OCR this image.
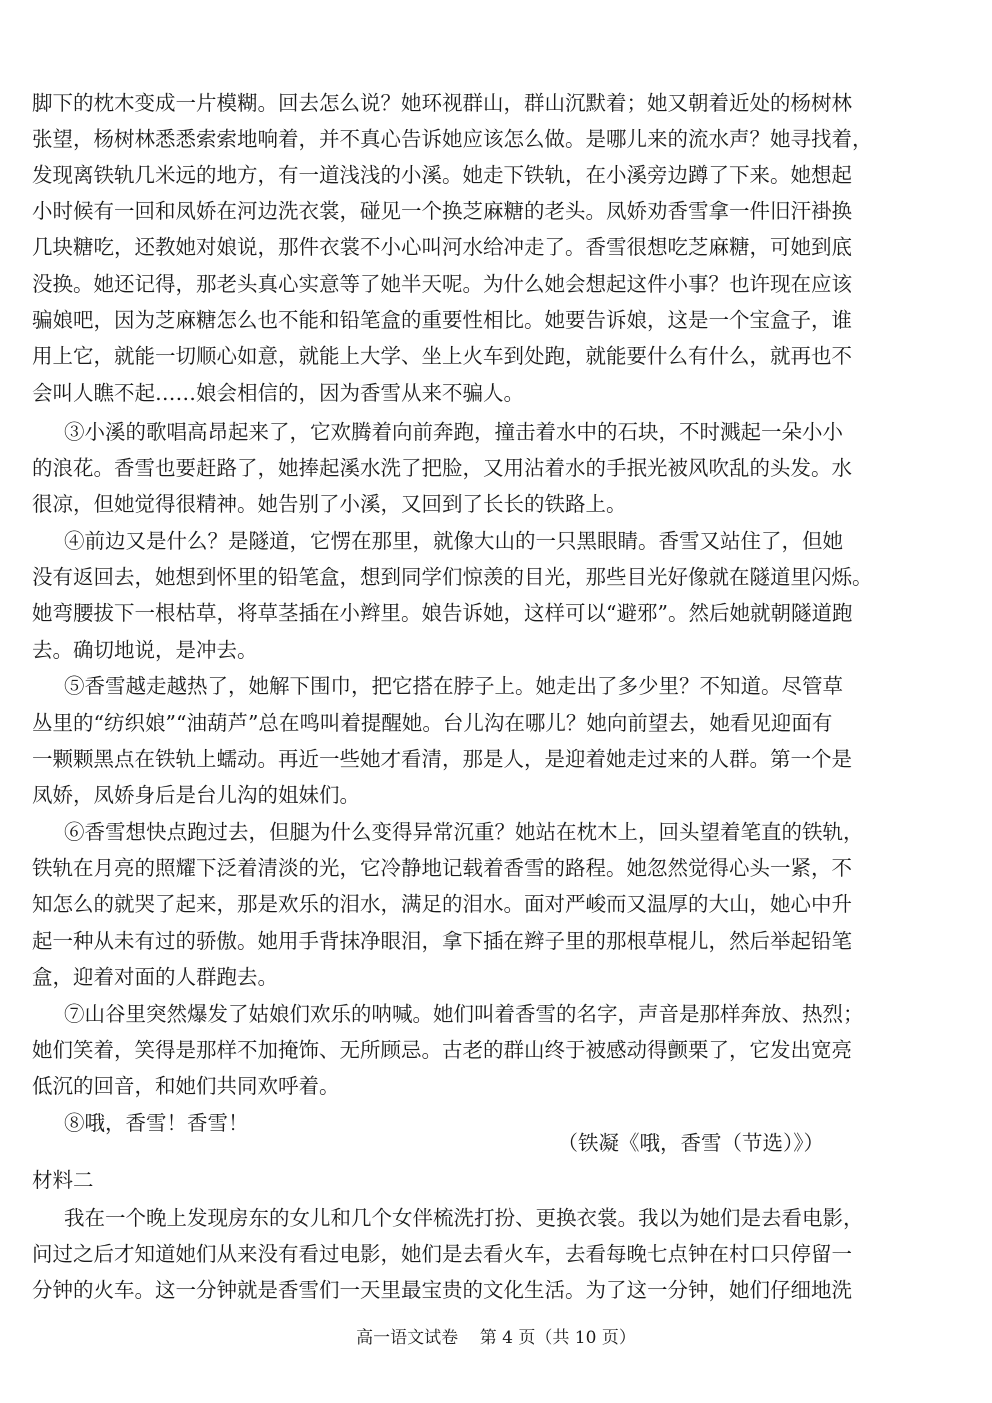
脚下的枕木变成一片模糊。回去怎么说？她环视群山，群山沉默着；她又朝着近处的杨树林
张望，杨树林悉悉索索地响着，并不真心告诉她应该怎么做。是哪儿来的流水声？她寻找着，
发现离铁轨几米远的地方，有一道浅浅的小溪。她走下铁轨，在小溪旁边蹲了下来。她想起
小时候有一回和凤娇在河边洗衣裳，碰见一个换芝麻糖的老头。凤娇劝香雪拿一件旧汗褂换
几块糖吃，还教她对娘说，那件衣裳不小心叫河水给冲走了。香雪很想吃芝麻糖，可她到底
没换。她还记得，那老头真心实意等了她半天呢。为什么她会想起这件小事？也许现在应该
骗娘吧，因为芝麻糖怎么也不能和铅笔盒的重要性相比。她要告诉娘，这是一个宝盒子，谁
用上它，就能一切顺心如意，就能上大学、坐上火车到处跑，就能要什么有什么，就再也不
会叫人瞧不起……娘会相信的，因为香雪从来不骗人。
③小溪的歌唱高昂起来了，它欢腾着向前奔跑，撞击着水中的石块，不时溅起一朵小小
的浪花。香雪也要赶路了，她捧起溪水洗了把脸，又用沾着水的手抿光被风吹乱的头发。水
很凉，但她觉得很精神。她告别了小溪，又回到了长长的铁路上。
④前边又是什么？是隧道，它愣在那里，就像大山的一只黑眼睛。香雪又站住了，但她
没有返回去，她想到怀里的铅笔盒，想到同学们惊羡的目光，那些目光好像就在隧道里闪烁。
她弯腰拔下一根枯草，将草茎插在小辫里。娘告诉她，这样可以“避邪”。然后她就朝隧道跑
去。确切地说，是冲去。
⑤香雪越走越热了，她解下围巾，把它搭在脖子上。她走出了多少里？不知道。尽管草
丛里的“纺织娘”“油葫芦”总在鸣叫着提醒她。台儿沟在哪儿？她向前望去，她看见迎面有
一颗颗黑点在铁轨上蠕动。再近一些她才看清，那是人，是迎着她走过来的人群。第一个是
凤娇，凤娇身后是台儿沟的姐妹们。
⑥香雪想快点跑过去，但腿为什么变得异常沉重？她站在枕木上，回头望着笔直的铁轨，
铁轨在月亮的照耀下泛着清淡的光，它冷静地记载着香雪的路程。她忽然觉得心头一紧，不
知怎么的就哭了起来，那是欢乐的泪水，满足的泪水。面对严峻而又温厚的大山，她心中升
起一种从未有过的骄傲。她用手背抹净眼泪，拿下插在辫子里的那根草棍儿，然后举起铅笔
盒，迎着对面的人群跑去。
⑦山谷里突然爆发了姑娘们欢乐的呐喊。她们叫着香雪的名字，声音是那样奔放、热烈；
她们笑着，笑得是那样不加掩饰、无所顾忌。古老的群山终于被感动得颤栗了，它发出宽亮
低沉的回音，和她们共同欢呼着。
⑧哦，香雪！香雪！
（铁凝《哦，香雪（节选）》）
材料二
我在一个晚上发现房东的女儿和几个女伴梳洗打扮、更换衣裳。我以为她们是去看电影，
问过之后才知道她们从来没有看过电影，她们是去看火车，去看每晚七点钟在村口只停留一
分钟的火车。这一分钟就是香雪们一天里最宝贵的文化生活。为了这一分钟，她们仔细地洗
高一语文试卷 第 4 页（共 10 页）
